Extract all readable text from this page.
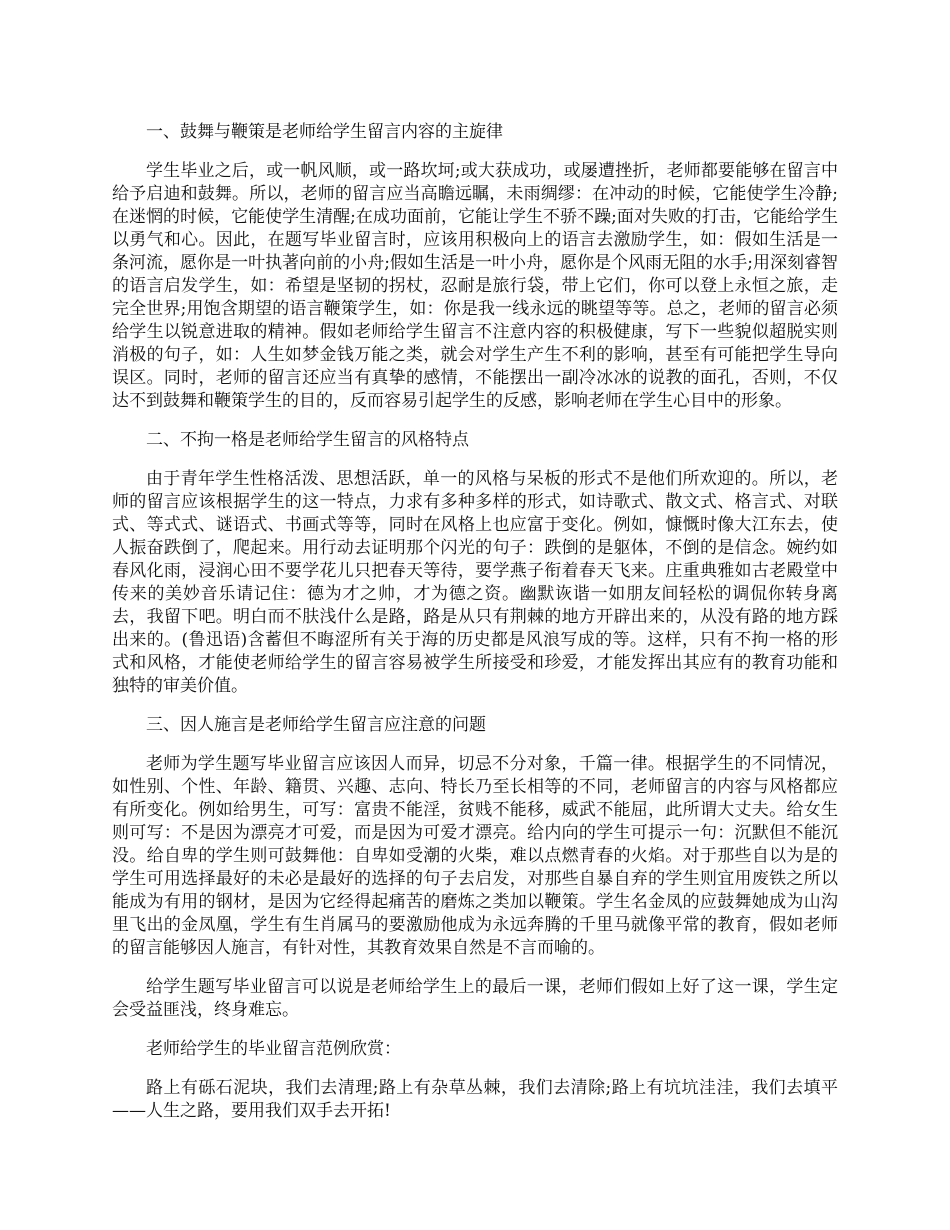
一、鼓舞与鞭策是老师给学生留言内容的主旋律

学生毕业之后，或一帆风顺，或一路坎坷;或大获成功，或屡遭挫折，老师都要能够在留言中给予启迪和鼓舞。所以，老师的留言应当高瞻远瞩，未雨绸缪：在冲动的时候，它能使学生冷静;在迷惘的时候，它能使学生清醒;在成功面前，它能让学生不骄不躁;面对失败的打击，它能给学生以勇气和心。因此，在题写毕业留言时，应该用积极向上的语言去激励学生，如：假如生活是一条河流，愿你是一叶执著向前的小舟;假如生活是一叶小舟，愿你是个风雨无阻的水手;用深刻睿智的语言启发学生，如：希望是坚韧的拐杖，忍耐是旅行袋，带上它们，你可以登上永恒之旅，走完全世界;用饱含期望的语言鞭策学生，如：你是我一线永远的眺望等等。总之，老师的留言必须给学生以锐意进取的精神。假如老师给学生留言不注意内容的积极健康，写下一些貌似超脱实则消极的句子，如：人生如梦金钱万能之类，就会对学生产生不利的影响，甚至有可能把学生导向误区。同时，老师的留言还应当有真挚的感情，不能摆出一副冷冰冰的说教的面孔，否则，不仅达不到鼓舞和鞭策学生的目的，反而容易引起学生的反感，影响老师在学生心目中的形象。

二、不拘一格是老师给学生留言的风格特点

由于青年学生性格活泼、思想活跃，单一的风格与呆板的形式不是他们所欢迎的。所以，老师的留言应该根据学生的这一特点，力求有多种多样的形式，如诗歌式、散文式、格言式、对联式、等式式、谜语式、书画式等等，同时在风格上也应富于变化。例如，慷慨时像大江东去，使人振奋跌倒了，爬起来。用行动去证明那个闪光的句子：跌倒的是躯体，不倒的是信念。婉约如春风化雨，浸润心田不要学花儿只把春天等待，要学燕子衔着春天飞来。庄重典雅如古老殿堂中传来的美妙音乐请记住：德为才之帅，才为德之资。幽默诙谐一如朋友间轻松的调侃你转身离去，我留下吧。明白而不肤浅什么是路，路是从只有荆棘的地方开辟出来的，从没有路的地方踩出来的。(鲁迅语)含蓄但不晦涩所有关于海的历史都是风浪写成的等。这样，只有不拘一格的形式和风格，才能使老师给学生的留言容易被学生所接受和珍爱，才能发挥出其应有的教育功能和独特的审美价值。

三、因人施言是老师给学生留言应注意的问题

老师为学生题写毕业留言应该因人而异，切忌不分对象，千篇一律。根据学生的不同情况，如性别、个性、年龄、籍贯、兴趣、志向、特长乃至长相等的不同，老师留言的内容与风格都应有所变化。例如给男生，可写：富贵不能淫，贫贱不能移，威武不能屈，此所谓大丈夫。给女生则可写：不是因为漂亮才可爱，而是因为可爱才漂亮。给内向的学生可提示一句：沉默但不能沉没。给自卑的学生则可鼓舞他：自卑如受潮的火柴，难以点燃青春的火焰。对于那些自以为是的学生可用选择最好的未必是最好的选择的句子去启发，对那些自暴自弃的学生则宜用废铁之所以能成为有用的钢材，是因为它经得起痛苦的磨炼之类加以鞭策。学生名金凤的应鼓舞她成为山沟里飞出的金凤凰，学生有生肖属马的要激励他成为永远奔腾的千里马就像平常的教育，假如老师的留言能够因人施言，有针对性，其教育效果自然是不言而喻的。

给学生题写毕业留言可以说是老师给学生上的最后一课，老师们假如上好了这一课，学生定会受益匪浅，终身难忘。

老师给学生的毕业留言范例欣赏：

路上有砾石泥块，我们去清理;路上有杂草丛棘，我们去清除;路上有坑坑洼洼，我们去填平——人生之路，要用我们双手去开拓!
